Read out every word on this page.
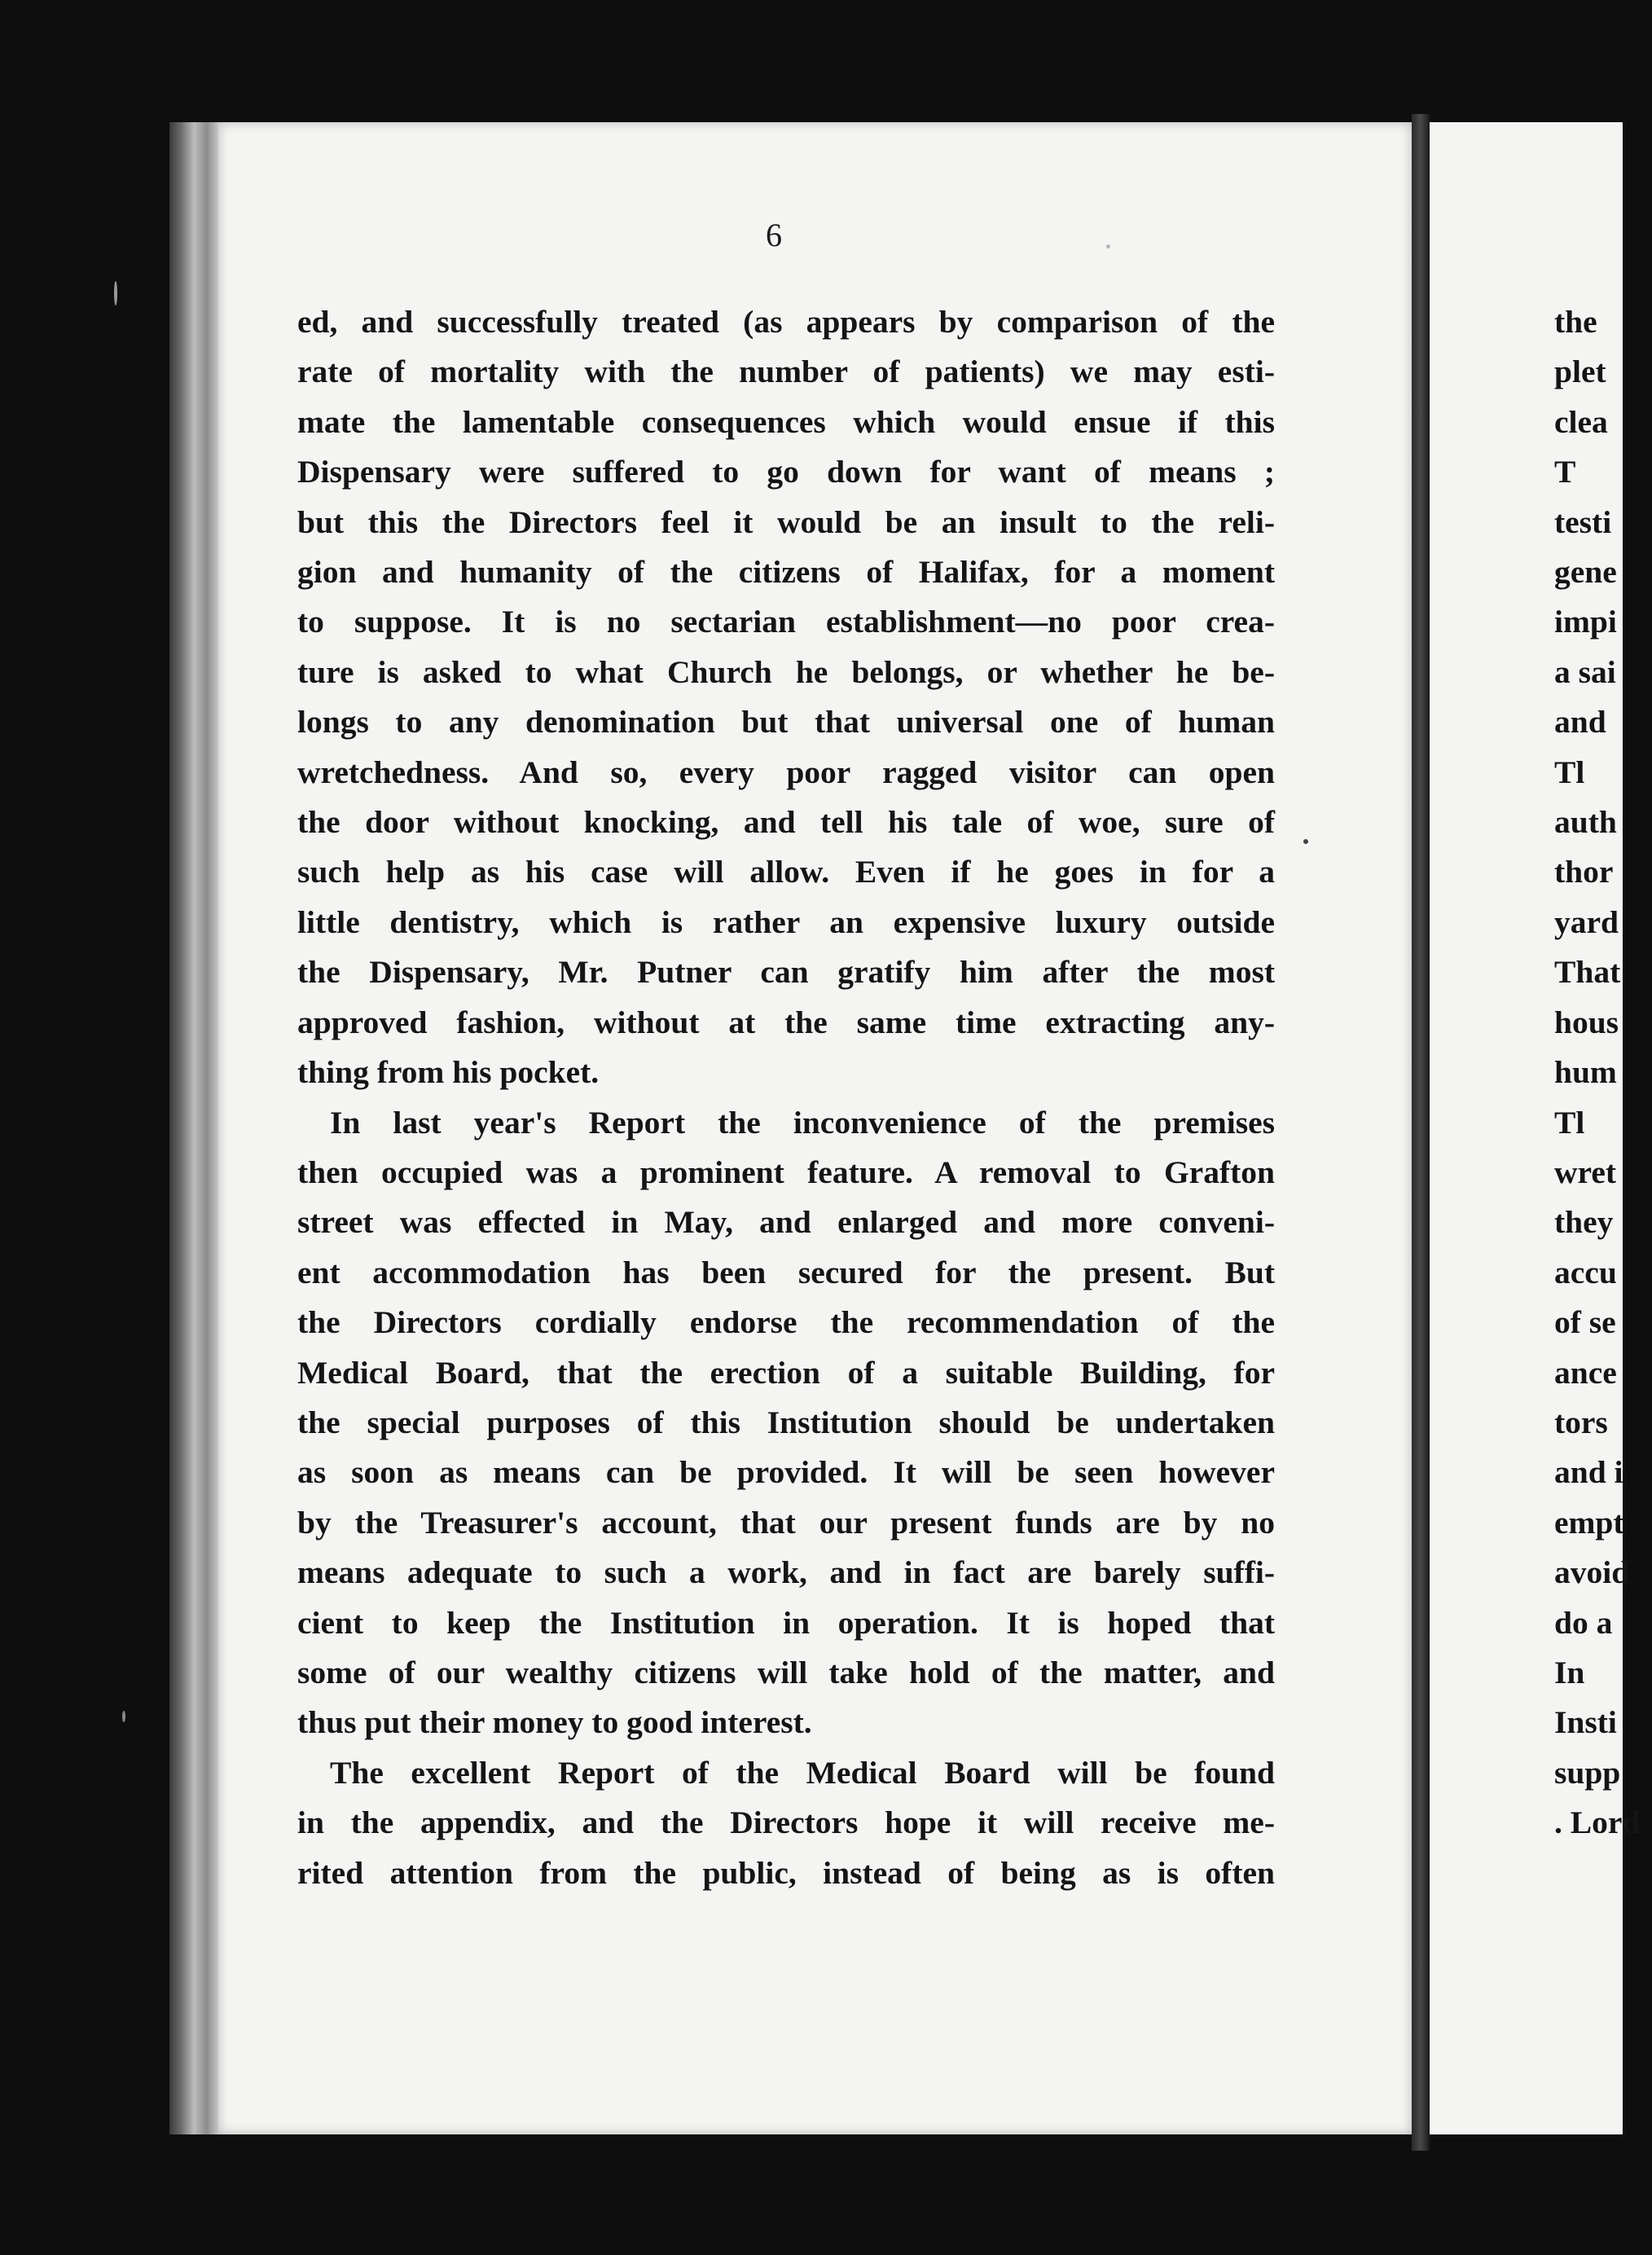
6
ed, and successfully treated (as appears by comparison of the
rate of mortality with the number of patients) we may esti-
mate the lamentable consequences which would ensue if this
Dispensary were suffered to go down for want of means ;
but this the Directors feel it would be an insult to the reli-
gion and humanity of the citizens of Halifax, for a moment
to suppose. It is no sectarian establishment—no poor crea-
ture is asked to what Church he belongs, or whether he be-
longs to any denomination but that universal one of human
wretchedness. And so, every poor ragged visitor can open
the door without knocking, and tell his tale of woe, sure of
such help as his case will allow. Even if he goes in for a
little dentistry, which is rather an expensive luxury outside
the Dispensary, Mr. Putner can gratify him after the most
approved fashion, without at the same time extracting any-
thing from his pocket.
In last year's Report the inconvenience of the premises
then occupied was a prominent feature. A removal to Grafton
street was effected in May, and enlarged and more conveni-
ent accommodation has been secured for the present. But
the Directors cordially endorse the recommendation of the
Medical Board, that the erection of a suitable Building, for
the special purposes of this Institution should be undertaken
as soon as means can be provided. It will be seen however
by the Treasurer's account, that our present funds are by no
means adequate to such a work, and in fact are barely suffi-
cient to keep the Institution in operation. It is hoped that
some of our wealthy citizens will take hold of the matter, and
thus put their money to good interest.
The excellent Report of the Medical Board will be found
in the appendix, and the Directors hope it will receive me-
rited attention from the public, instead of being as is often
the
plet
clea
T
testi
gene
impi
a sai
and
Tl
auth
thor
yard
That
hous
hum
Tl
wret
they
accu
of se
ance
tors
and i
empt
avoid
do a
In
Insti
supp
. Lord
